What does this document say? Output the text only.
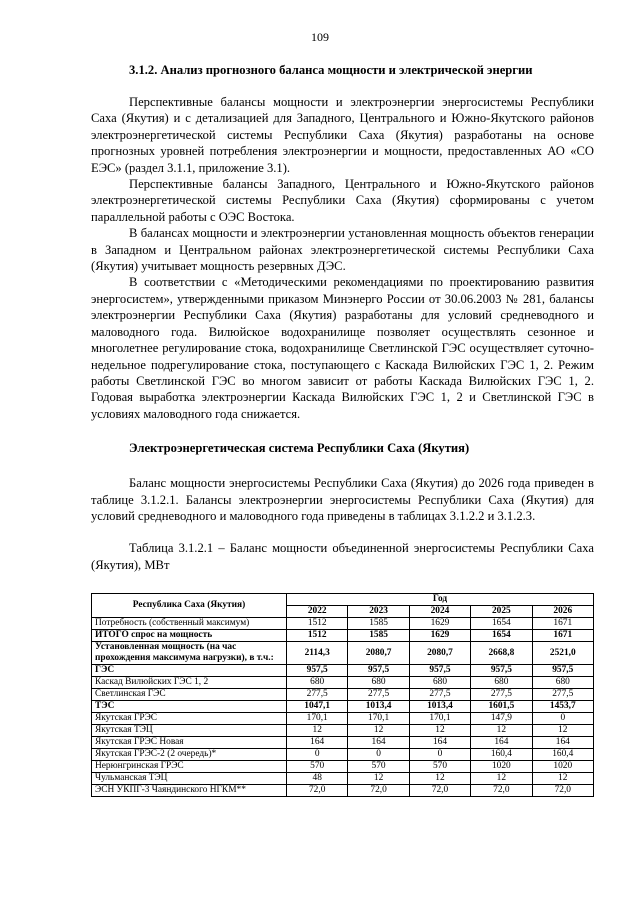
109
3.1.2. Анализ прогнозного баланса мощности и электрической энергии

Перспективные балансы мощности и электроэнергии энергосистемы Республики Саха (Якутия) и с детализацией для Западного, Центрального и Южно-Якутского районов электроэнергетической системы Республики Саха (Якутия) разработаны на основе прогнозных уровней потребления электроэнергии и мощности, предоставленных АО «СО ЕЭС» (раздел 3.1.1, приложение 3.1).

Перспективные балансы Западного, Центрального и Южно-Якутского районов электроэнергетической системы Республики Саха (Якутия) сформированы с учетом параллельной работы с ОЭС Востока.

В балансах мощности и электроэнергии установленная мощность объектов генерации в Западном и Центральном районах электроэнергетической системы Республики Саха (Якутия) учитывает мощность резервных ДЭС.

В соответствии с «Методическими рекомендациями по проектированию развития энергосистем», утвержденными приказом Минэнерго России от 30.06.2003 № 281, балансы электроэнергии Республики Саха (Якутия) разработаны для условий средневодного и маловодного года. Вилюйское водохранилище позволяет осуществлять сезонное и многолетнее регулирование стока, водохранилище Светлинской ГЭС осуществляет суточно-недельное подрегулирование стока, поступающего с Каскада Вилюйских ГЭС 1, 2. Режим работы Светлинской ГЭС во многом зависит от работы Каскада Вилюйских ГЭС 1, 2. Годовая выработка электроэнергии Каскада Вилюйских ГЭС 1, 2 и Светлинской ГЭС в условиях маловодного года снижается.

Электроэнергетическая система Республики Саха (Якутия)

Баланс мощности энергосистемы Республики Саха (Якутия) до 2026 года приведен в таблице 3.1.2.1. Балансы электроэнергии энергосистемы Республики Саха (Якутия) для условий средневодного и маловодного года приведены в таблицах 3.1.2.2 и 3.1.2.3.

Таблица 3.1.2.1 – Баланс мощности объединенной энергосистемы Республики Саха (Якутия), МВт

Республика Саха (Якутия)	Год				
	2022	2023	2024	2025	2026
Потребность (собственный максимум)	1512	1585	1629	1654	1671
ИТОГО спрос на мощность	1512	1585	1629	1654	1671
Установленная мощность (на час прохождения максимума нагрузки), в т.ч.:	2114,3	2080,7	2080,7	2668,8	2521,0
ГЭС	957,5	957,5	957,5	957,5	957,5
Каскад Вилюйских ГЭС 1, 2	680	680	680	680	680
Светлинская ГЭС	277,5	277,5	277,5	277,5	277,5
ТЭС	1047,1	1013,4	1013,4	1601,5	1453,7
Якутская ГРЭС	170,1	170,1	170,1	147,9	0
Якутская ТЭЦ	12	12	12	12	12
Якутская ГРЭС Новая	164	164	164	164	164
Якутская ГРЭС-2 (2 очередь)*	0	0	0	160,4	160,4
Нерюнгринская ГРЭС	570	570	570	1020	1020
Чульманская ТЭЦ	48	12	12	12	12
ЭСН УКПГ-3 Чаяндинского НГКМ**	72,0	72,0	72,0	72,0	72,0
